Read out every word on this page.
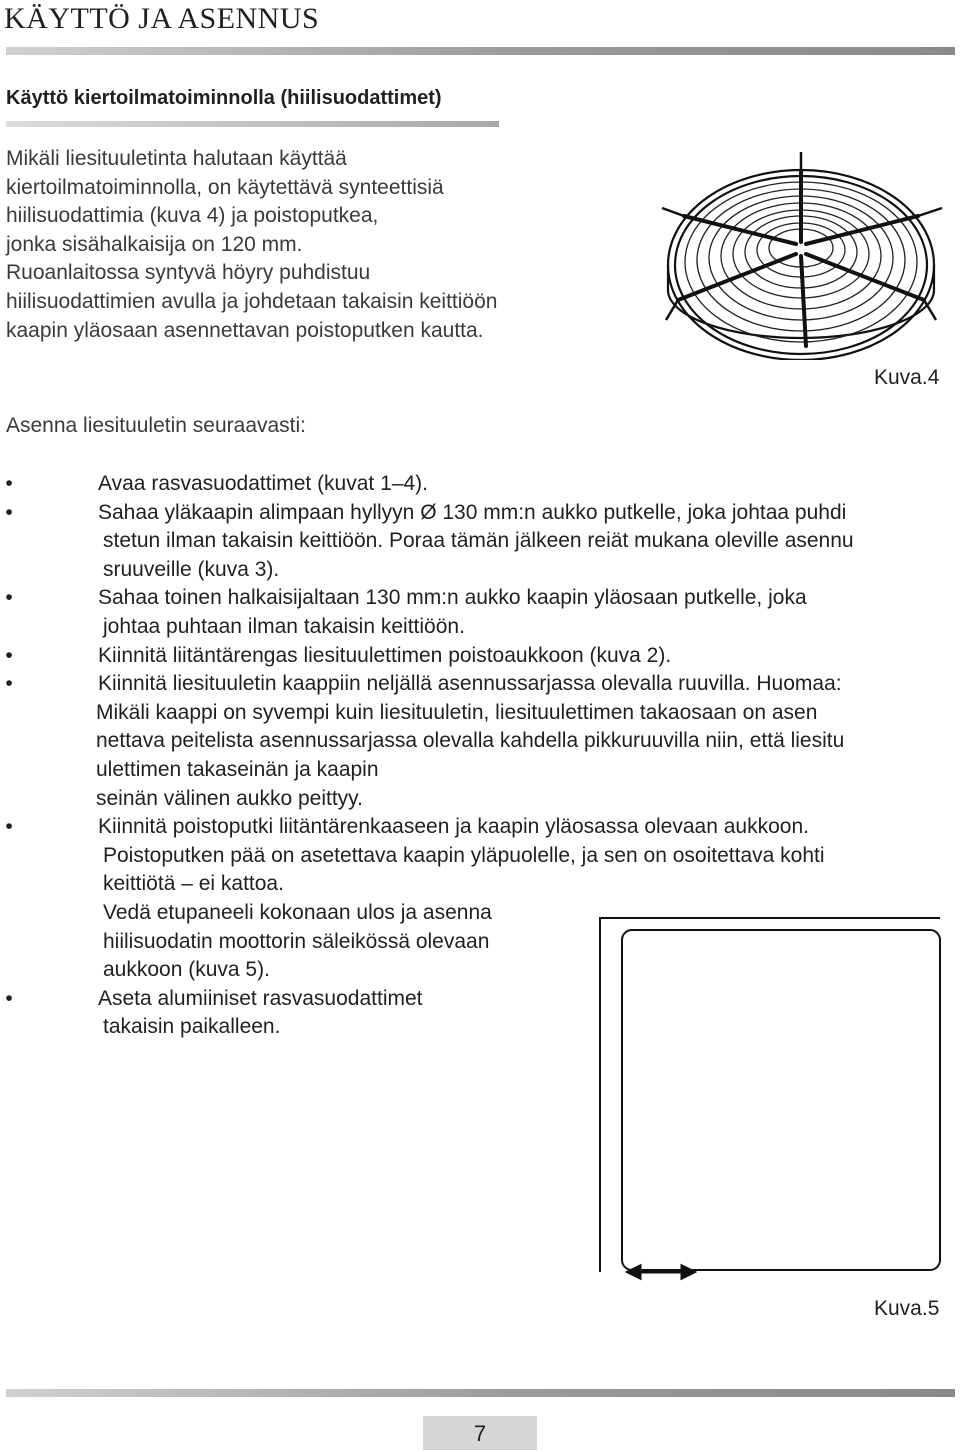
KÄYTTÖ JA ASENNUS
Käyttö kiertoilmatoiminnolla (hiilisuodattimet)
Mikäli liesituuletinta halutaan käyttää
kiertoilmatoiminnolla, on käytettävä synteettisiä
hiilisuodattimia (kuva 4) ja poistoputkea,
jonka sisähalkaisija on 120 mm.
Ruoanlaitossa syntyvä höyry puhdistuu
hiilisuodattimien avulla ja johdetaan takaisin keittiöön
kaapin yläosaan asennettavan poistoputken kautta.
Kuva.4
Asenna liesituuletin seuraavasti:
•	Avaa rasvasuodattimet (kuvat 1–4).
•	Sahaa yläkaapin alimpaan hyllyyn Ø 130 mm:n aukko putkelle, joka johtaa puhdi
stetun ilman takaisin keittiöön. Poraa tämän jälkeen reiät mukana oleville asennu
sruuveille (kuva 3).
•	Sahaa toinen halkaisijaltaan 130 mm:n aukko kaapin yläosaan putkelle, joka
johtaa puhtaan ilman takaisin keittiöön.
•	Kiinnitä liitäntärengas liesituulettimen poistoaukkoon (kuva 2).
•	Kiinnitä liesituuletin kaappiin neljällä asennussarjassa olevalla ruuvilla. Huomaa:
Mikäli kaappi on syvempi kuin liesituuletin, liesituulettimen takaosaan on asen
nettava peitelista asennussarjassa olevalla kahdella pikkuruuvilla niin, että liesitu
ulettimen takaseinän ja kaapin
seinän välinen aukko peittyy.
•	Kiinnitä poistoputki liitäntärenkaaseen ja kaapin yläosassa olevaan aukkoon.
Poistoputken pää on asetettava kaapin yläpuolelle, ja sen on osoitettava kohti
keittiötä – ei kattoa.
Vedä etupaneeli kokonaan ulos ja asenna
hiilisuodatin moottorin säleikössä olevaan
aukkoon (kuva 5).
•	Aseta alumiiniset rasvasuodattimet
takaisin paikalleen.
Kuva.5
7
